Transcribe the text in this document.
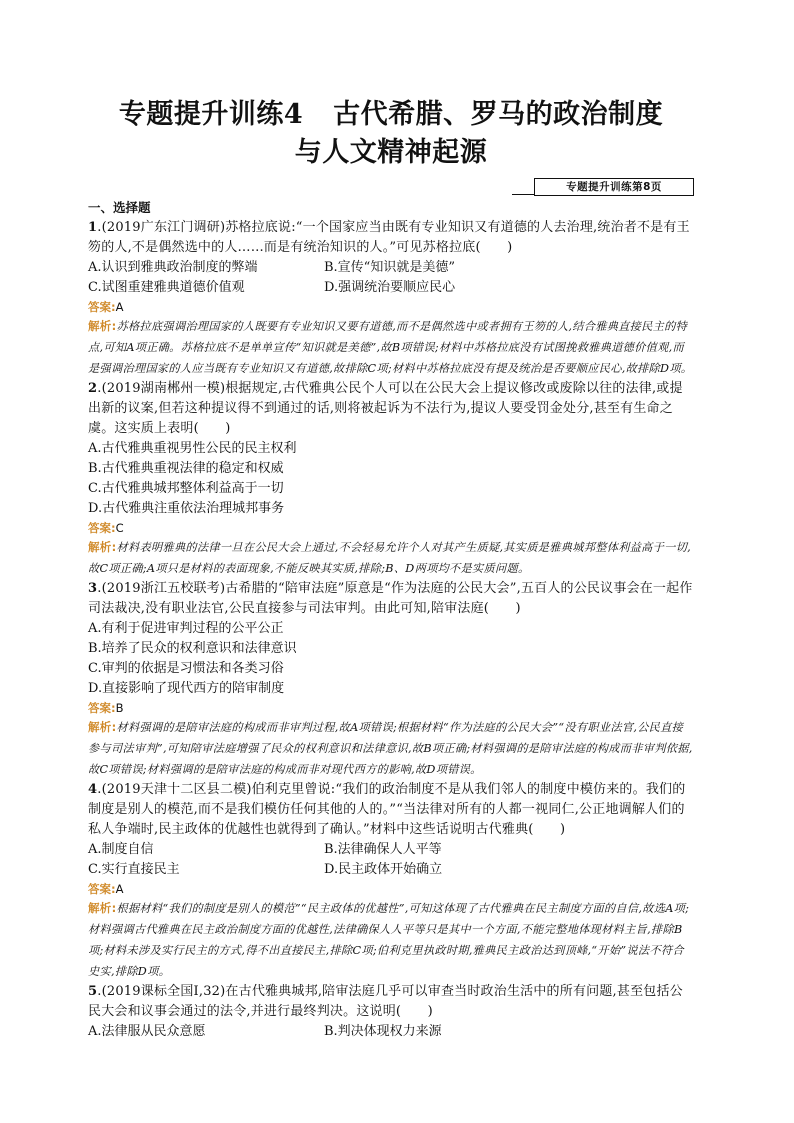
专题提升训练4 古代希腊、罗马的政治制度
与人文精神起源
专题提升训练第8页
一、选择题

1.(2019广东江门调研)苏格拉底说:“一个国家应当由既有专业知识又有道德的人去治理,统治者不是有王笏的人,不是偶然选中的人……而是有统治知识的人。”可见苏格拉底(　　)

A.认识到雅典政治制度的弊端	B.宣传“知识就是美德”
C.试图重建雅典道德价值观	D.强调统治要顺应民心
答案:A
解析:苏格拉底强调治理国家的人既要有专业知识又要有道德,而不是偶然选中或者拥有王笏的人,结合雅典直接民主的特点,可知A项正确。苏格拉底不是单单宣传“知识就是美德”,故B项错误;材料中苏格拉底没有试图挽救雅典道德价值观,而是强调治理国家的人应当既有专业知识又有道德,故排除C项;材料中苏格拉底没有提及统治是否要顺应民心,故排除D项。

2.(2019湖南郴州一模)根据规定,古代雅典公民个人可以在公民大会上提议修改或废除以往的法律,或提出新的议案,但若这种提议得不到通过的话,则将被起诉为不法行为,提议人要受罚金处分,甚至有生命之虞。这实质上表明(　　)

A.古代雅典重视男性公民的民主权利
B.古代雅典重视法律的稳定和权威
C.古代雅典城邦整体利益高于一切
D.古代雅典注重依法治理城邦事务
答案:C
解析:材料表明雅典的法律一旦在公民大会上通过,不会轻易允许个人对其产生质疑,其实质是雅典城邦整体利益高于一切,故C项正确;A项只是材料的表面现象,不能反映其实质,排除;B、D两项均不是实质问题。

3.(2019浙江五校联考)古希腊的“陪审法庭”原意是“作为法庭的公民大会”,五百人的公民议事会在一起作司法裁决,没有职业法官,公民直接参与司法审判。由此可知,陪审法庭(　　)

A.有利于促进审判过程的公平公正
B.培养了民众的权利意识和法律意识
C.审判的依据是习惯法和各类习俗
D.直接影响了现代西方的陪审制度
答案:B
解析:材料强调的是陪审法庭的构成而非审判过程,故A项错误;根据材料“作为法庭的公民大会”“没有职业法官,公民直接参与司法审判”,可知陪审法庭增强了民众的权利意识和法律意识,故B项正确;材料强调的是陪审法庭的构成而非审判依据,故C项错误;材料强调的是陪审法庭的构成而非对现代西方的影响,故D项错误。

4.(2019天津十二区县二模)伯利克里曾说:“我们的政治制度不是从我们邻人的制度中模仿来的。我们的制度是别人的模范,而不是我们模仿任何其他的人的。”“当法律对所有的人都一视同仁,公正地调解人们的私人争端时,民主政体的优越性也就得到了确认。”材料中这些话说明古代雅典(　　)

A.制度自信	B.法律确保人人平等
C.实行直接民主	D.民主政体开始确立
答案:A
解析:根据材料“我们的制度是别人的模范”“民主政体的优越性”,可知这体现了古代雅典在民主制度方面的自信,故选A项;材料强调古代雅典在民主政治制度方面的优越性,法律确保人人平等只是其中一个方面,不能完整地体现材料主旨,排除B项;材料未涉及实行民主的方式,得不出直接民主,排除C项;伯利克里执政时期,雅典民主政治达到顶峰,“开始”说法不符合史实,排除D项。

5.(2019课标全国Ⅰ,32)在古代雅典城邦,陪审法庭几乎可以审查当时政治生活中的所有问题,甚至包括公民大会和议事会通过的法令,并进行最终判决。这说明(　　)

A.法律服从民众意愿	B.判决体现权力来源
